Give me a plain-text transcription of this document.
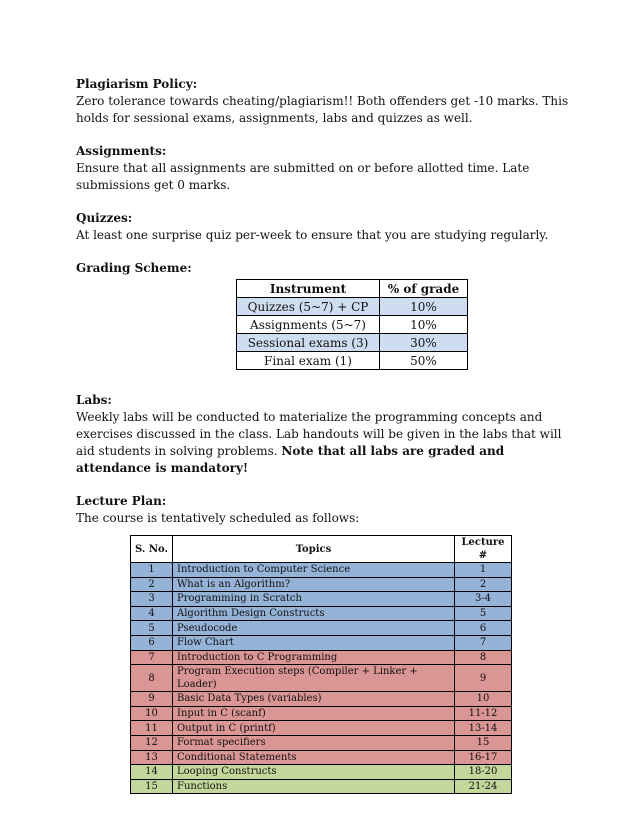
Plagiarism Policy:

Zero tolerance towards cheating/plagiarism!! Both offenders get -10 marks. This holds for sessional exams, assignments, labs and quizzes as well.

Assignments:

Ensure that all assignments are submitted on or before allotted time. Late submissions get 0 marks.

Quizzes:

At least one surprise quiz per-week to ensure that you are studying regularly.

Grading Scheme:

Instrument	% of grade
Quizzes (5~7) + CP	10%
Assignments (5~7)	10%
Sessional exams (3)	30%
Final exam (1)	50%

Labs:

Weekly labs will be conducted to materialize the programming concepts and exercises discussed in the class. Lab handouts will be given in the labs that will aid students in solving problems. Note that all labs are graded and attendance is mandatory!

Lecture Plan:

The course is tentatively scheduled as follows:

S. No.	Topics	Lecture #
1	Introduction to Computer Science	1
2	What is an Algorithm?	2
3	Programming in Scratch	3-4
4	Algorithm Design Constructs	5
5	Pseudocode	6
6	Flow Chart	7
7	Introduction to C Programming	8
8	Program Execution steps (Compiler + Linker + Loader)	9
9	Basic Data Types (variables)	10
10	Input in C (scanf)	11-12
11	Output in C (printf)	13-14
12	Format specifiers	15
13	Conditional Statements	16-17
14	Looping Constructs	18-20
15	Functions	21-24
